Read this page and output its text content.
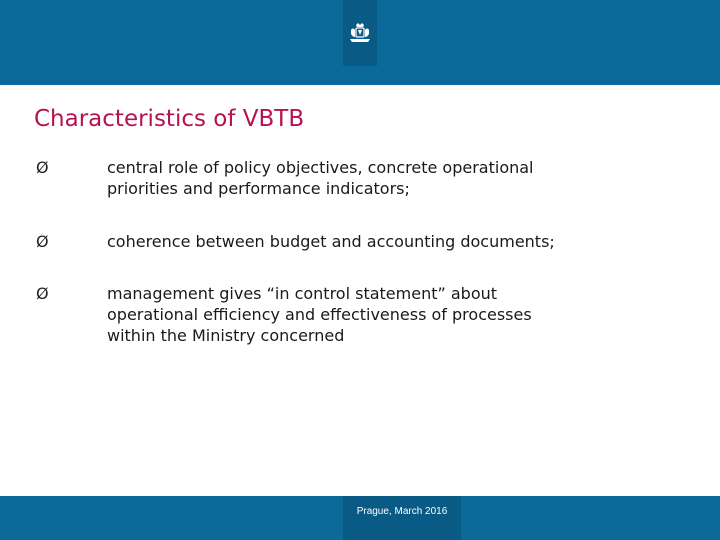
Characteristics of VBTB
Ø	central role of policy objectives, concrete operational
priorities and performance indicators;
Ø	coherence between budget and accounting documents;
Ø	management gives “in control statement” about
operational efficiency and effectiveness of processes
within the Ministry concerned
Prague, March 2016
